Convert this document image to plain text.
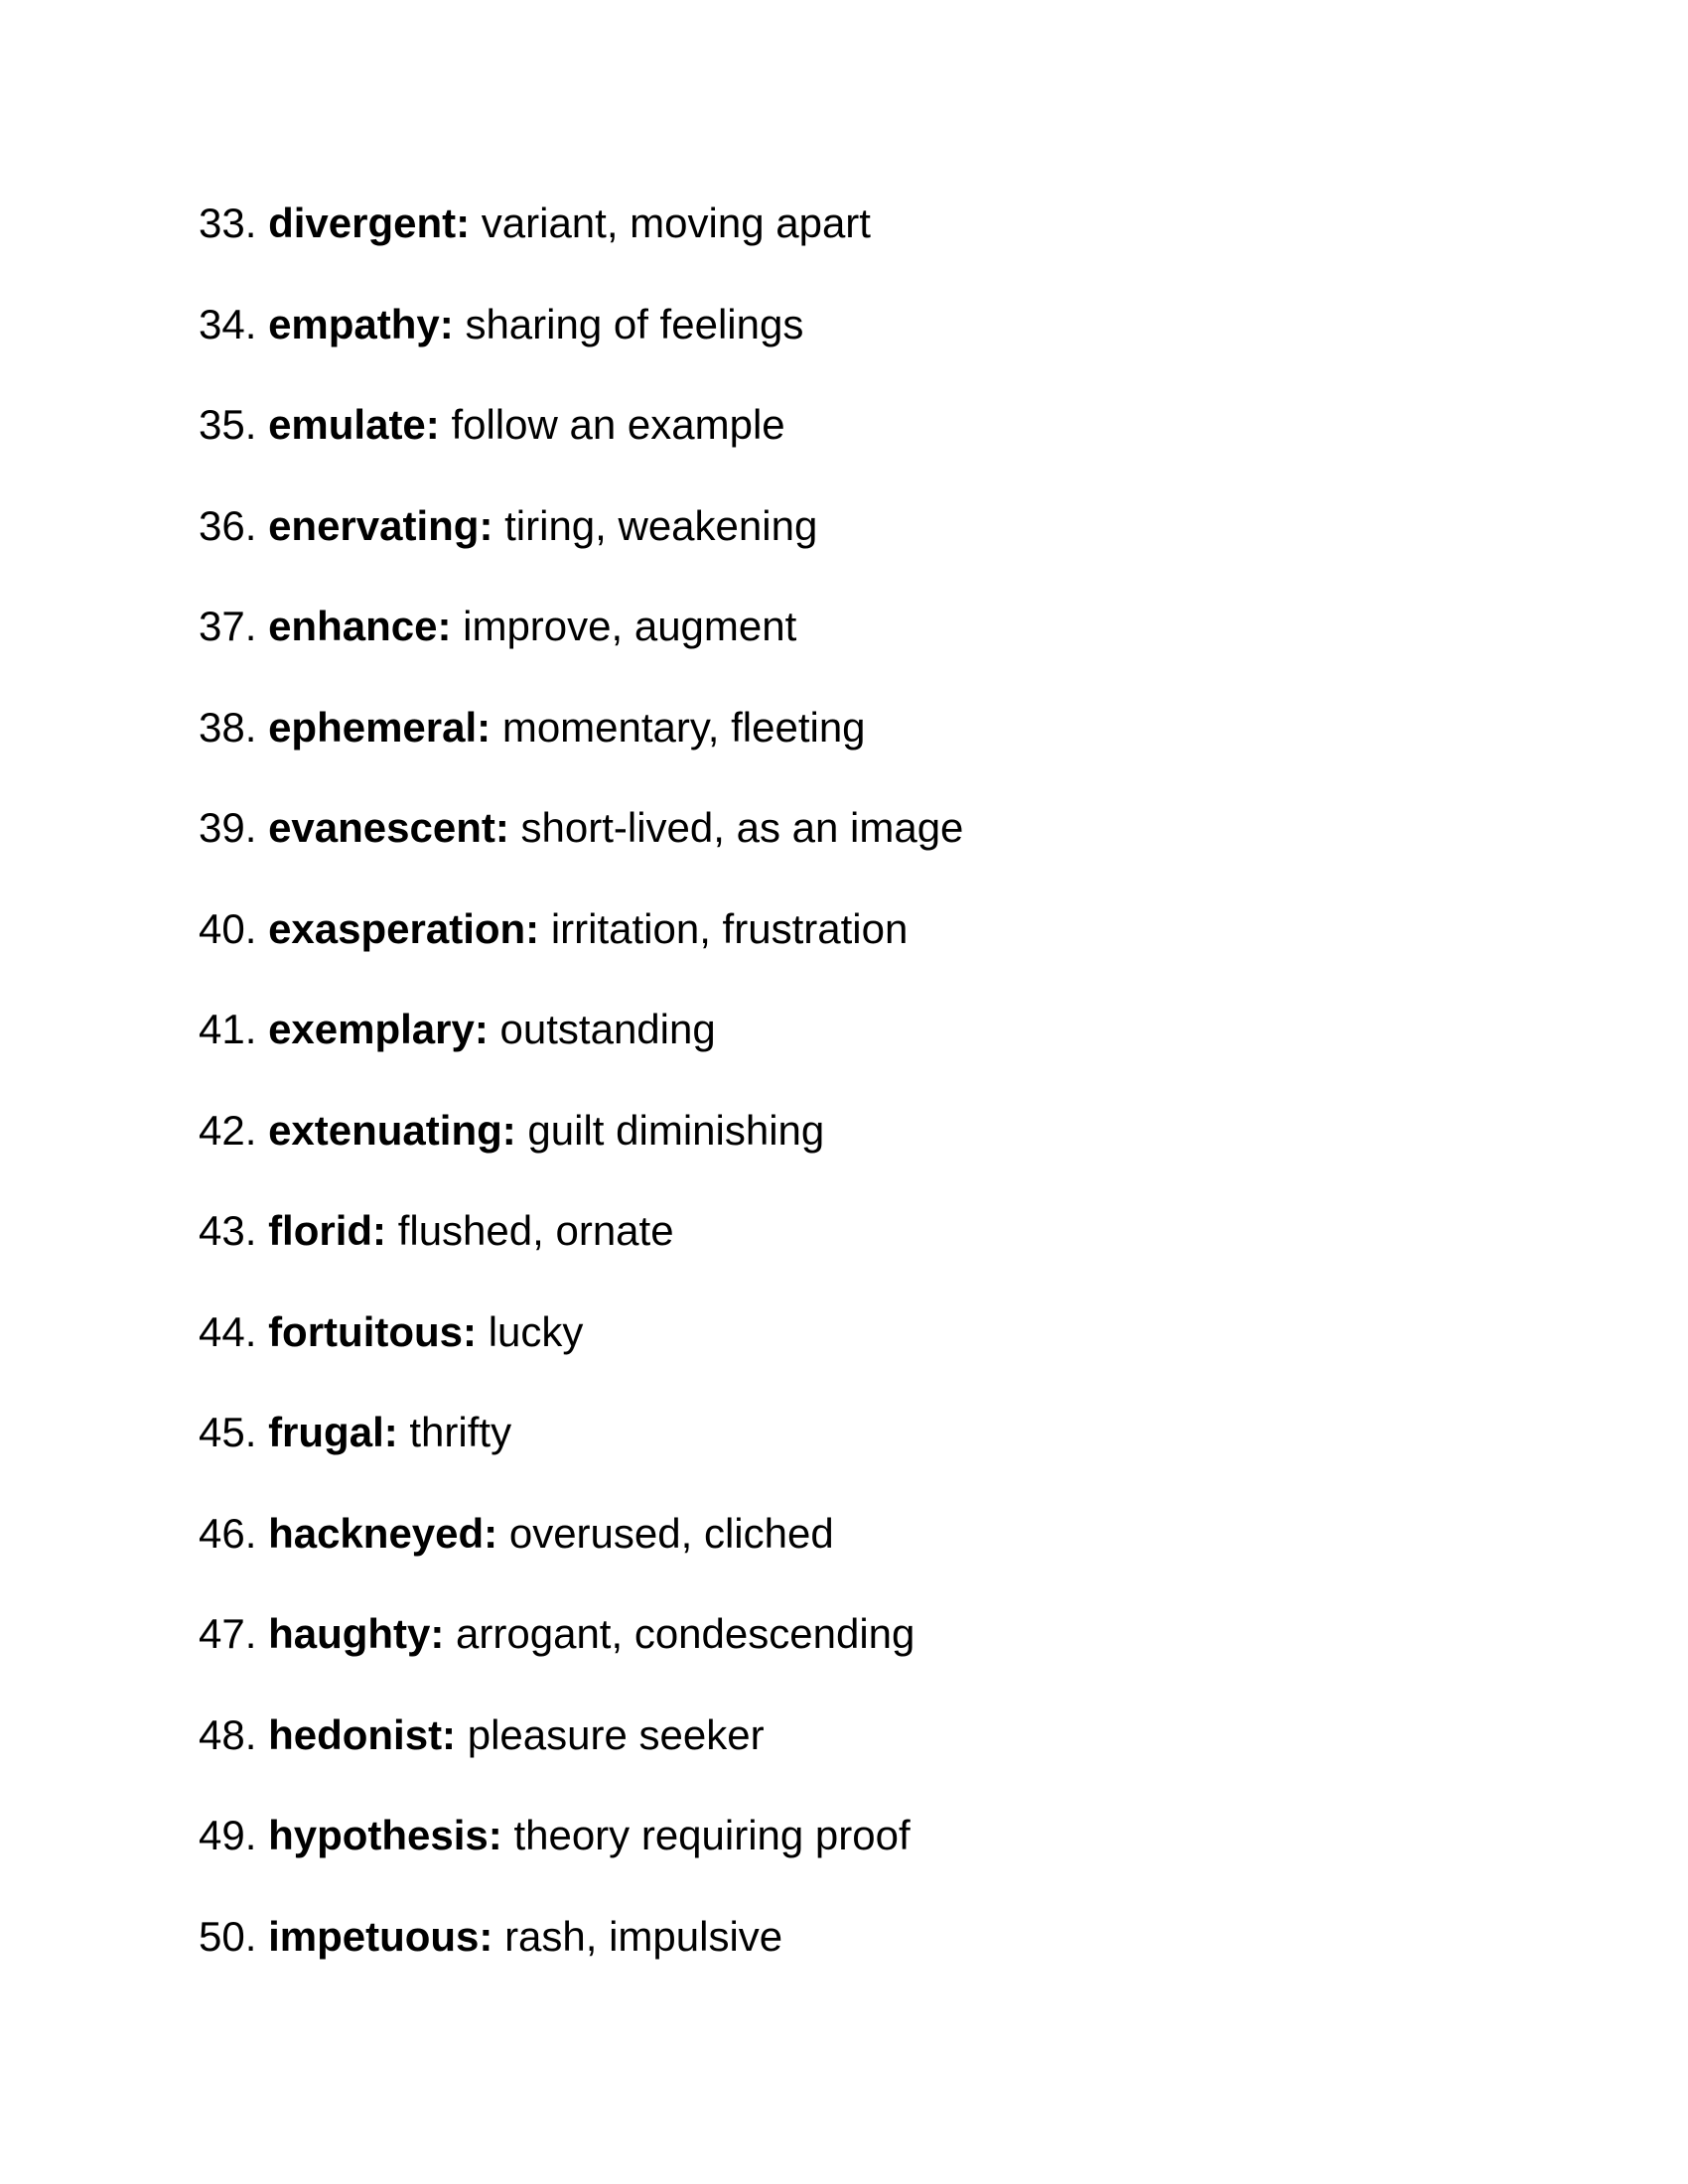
33. divergent: variant, moving apart
34. empathy: sharing of feelings
35. emulate: follow an example
36. enervating: tiring, weakening
37. enhance: improve, augment
38. ephemeral: momentary, fleeting
39. evanescent: short-lived, as an image
40. exasperation: irritation, frustration
41. exemplary: outstanding
42. extenuating: guilt diminishing
43. florid: flushed, ornate
44. fortuitous: lucky
45. frugal: thrifty
46. hackneyed: overused, cliched
47. haughty: arrogant, condescending
48. hedonist: pleasure seeker
49. hypothesis: theory requiring proof
50. impetuous: rash, impulsive
